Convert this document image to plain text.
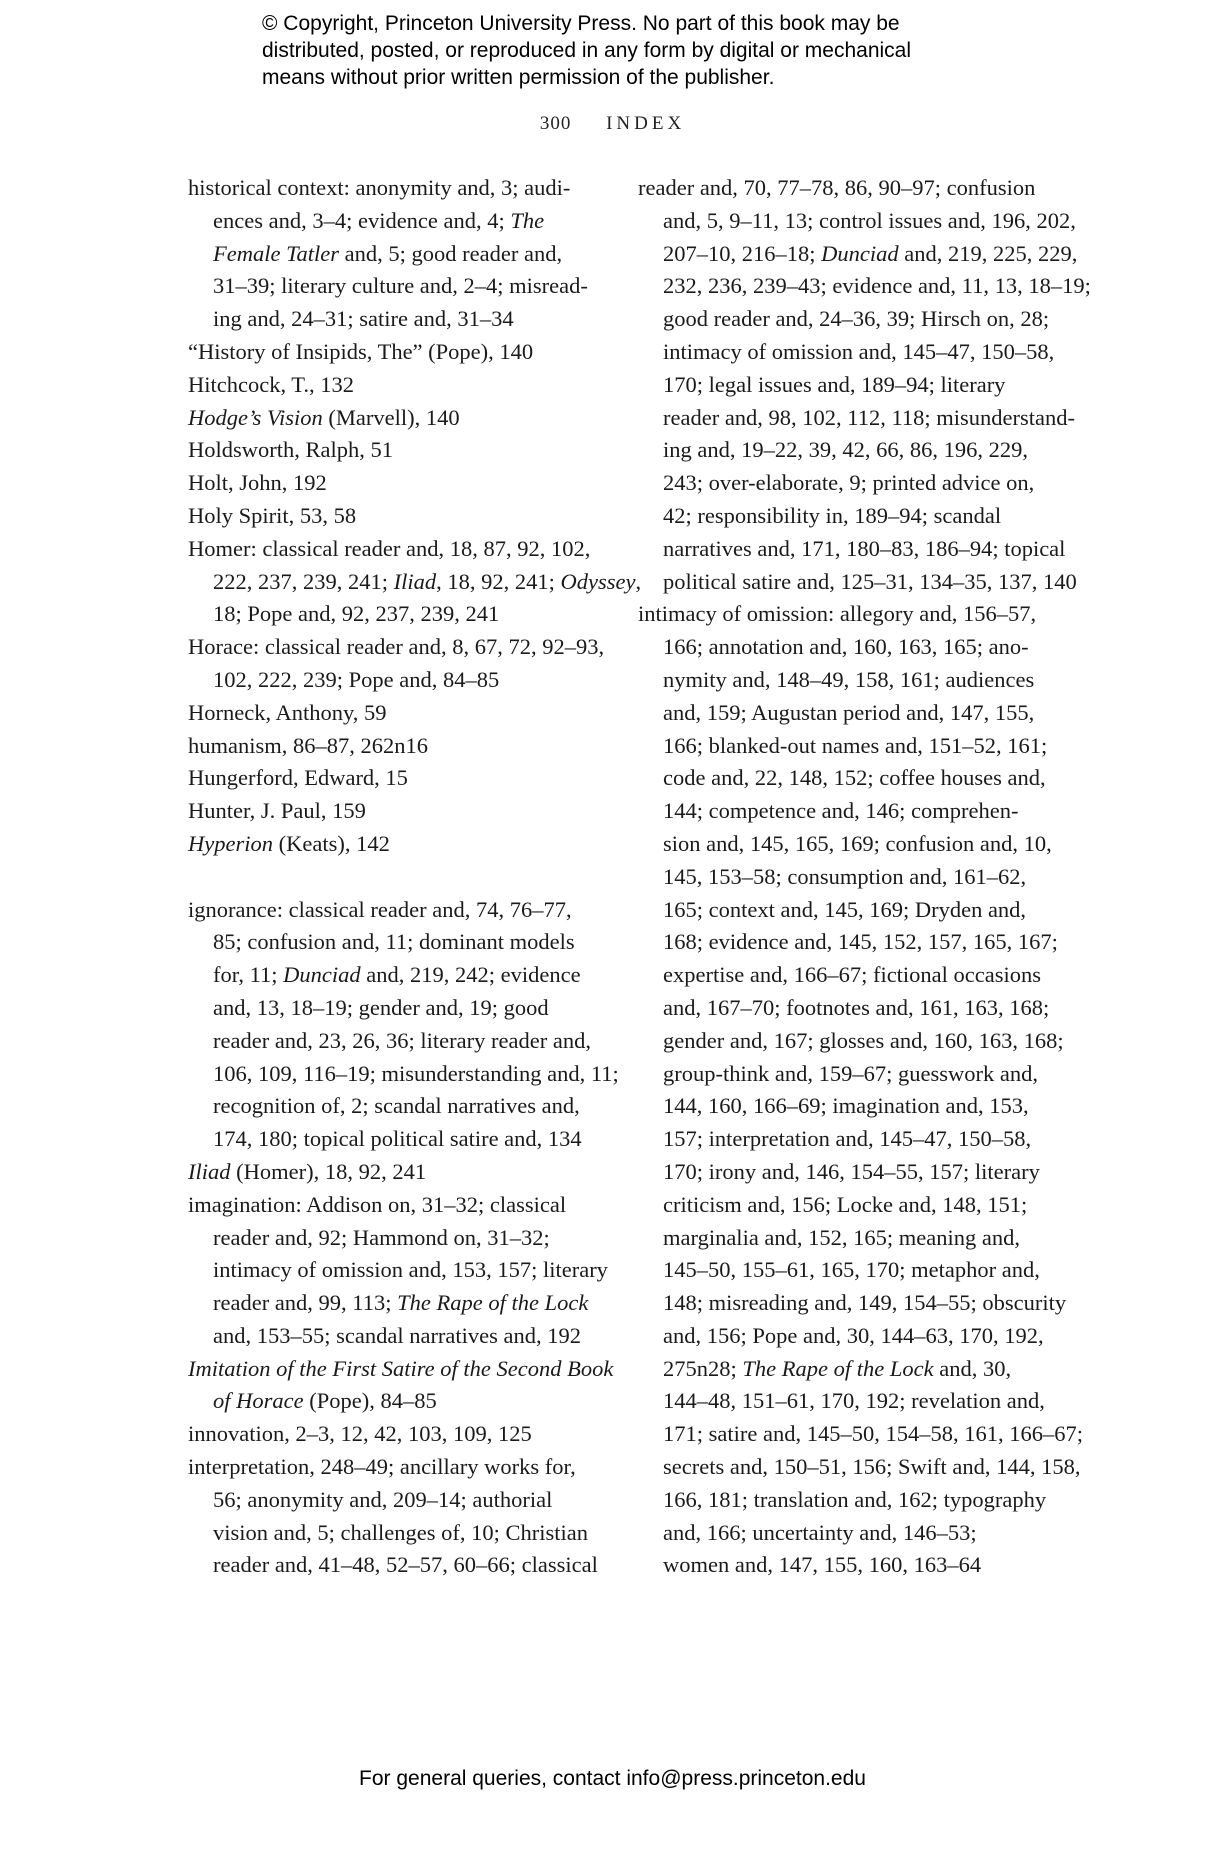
© Copyright, Princeton University Press. No part of this book may be
distributed, posted, or reproduced in any form by digital or mechanical
means without prior written permission of the publisher.
300 INDEX
historical context: anonymity and, 3; audi-
ences and, 3–4; evidence and, 4; The
Female Tatler and, 5; good reader and,
31–39; literary culture and, 2–4; misread-
ing and, 24–31; satire and, 31–34
“History of Insipids, The” (Pope), 140
Hitchcock, T., 132
Hodge’s Vision (Marvell), 140
Holdsworth, Ralph, 51
Holt, John, 192
Holy Spirit, 53, 58
Homer: classical reader and, 18, 87, 92, 102,
222, 237, 239, 241; Iliad, 18, 92, 241; Odyssey,
18; Pope and, 92, 237, 239, 241
Horace: classical reader and, 8, 67, 72, 92–93,
102, 222, 239; Pope and, 84–85
Horneck, Anthony, 59
humanism, 86–87, 262n16
Hungerford, Edward, 15
Hunter, J. Paul, 159
Hyperion (Keats), 142
ignorance: classical reader and, 74, 76–77,
85; confusion and, 11; dominant models
for, 11; Dunciad and, 219, 242; evidence
and, 13, 18–19; gender and, 19; good
reader and, 23, 26, 36; literary reader and,
106, 109, 116–19; misunderstanding and, 11;
recognition of, 2; scandal narratives and,
174, 180; topical political satire and, 134
Iliad (Homer), 18, 92, 241
imagination: Addison on, 31–32; classical
reader and, 92; Hammond on, 31–32;
intimacy of omission and, 153, 157; literary
reader and, 99, 113; The Rape of the Lock
and, 153–55; scandal narratives and, 192
Imitation of the First Satire of the Second Book
of Horace (Pope), 84–85
innovation, 2–3, 12, 42, 103, 109, 125
interpretation, 248–49; ancillary works for,
56; anonymity and, 209–14; authorial
vision and, 5; challenges of, 10; Christian
reader and, 41–48, 52–57, 60–66; classical
reader and, 70, 77–78, 86, 90–97; confusion
and, 5, 9–11, 13; control issues and, 196, 202,
207–10, 216–18; Dunciad and, 219, 225, 229,
232, 236, 239–43; evidence and, 11, 13, 18–19;
good reader and, 24–36, 39; Hirsch on, 28;
intimacy of omission and, 145–47, 150–58,
170; legal issues and, 189–94; literary
reader and, 98, 102, 112, 118; misunderstand-
ing and, 19–22, 39, 42, 66, 86, 196, 229,
243; over-elaborate, 9; printed advice on,
42; responsibility in, 189–94; scandal
narratives and, 171, 180–83, 186–94; topical
political satire and, 125–31, 134–35, 137, 140
intimacy of omission: allegory and, 156–57,
166; annotation and, 160, 163, 165; ano-
nymity and, 148–49, 158, 161; audiences
and, 159; Augustan period and, 147, 155,
166; blanked-out names and, 151–52, 161;
code and, 22, 148, 152; coffee houses and,
144; competence and, 146; comprehen-
sion and, 145, 165, 169; confusion and, 10,
145, 153–58; consumption and, 161–62,
165; context and, 145, 169; Dryden and,
168; evidence and, 145, 152, 157, 165, 167;
expertise and, 166–67; fictional occasions
and, 167–70; footnotes and, 161, 163, 168;
gender and, 167; glosses and, 160, 163, 168;
group-think and, 159–67; guesswork and,
144, 160, 166–69; imagination and, 153,
157; interpretation and, 145–47, 150–58,
170; irony and, 146, 154–55, 157; literary
criticism and, 156; Locke and, 148, 151;
marginalia and, 152, 165; meaning and,
145–50, 155–61, 165, 170; metaphor and,
148; misreading and, 149, 154–55; obscurity
and, 156; Pope and, 30, 144–63, 170, 192,
275n28; The Rape of the Lock and, 30,
144–48, 151–61, 170, 192; revelation and,
171; satire and, 145–50, 154–58, 161, 166–67;
secrets and, 150–51, 156; Swift and, 144, 158,
166, 181; translation and, 162; typography
and, 166; uncertainty and, 146–53;
women and, 147, 155, 160, 163–64
For general queries, contact info@press.princeton.edu
